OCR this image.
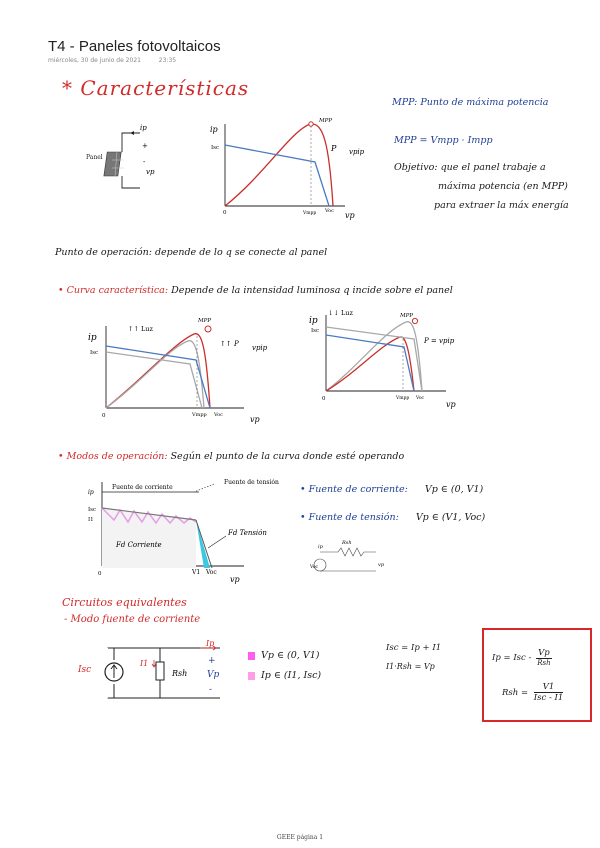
T4 - Paneles fotovoltaicos
miércoles, 30 de junio de 2021	23:35
* Características
Panel
ip
+
-
vp
ip
Isc
MPP
P vpip
0	Vmpp Voc vp
MPP: Punto de máxima potencia
MPP = Vmpp · Impp
Objetivo: que el panel trabaje a
máxima potencia (en MPP)
para extraer la máx energía
Punto de operación: depende de lo q se conecte al panel
• Curva característica: Depende de la intensidad luminosa q incide sobre el panel
ip
Isc
↑↑ Luz
MPP
↑↑ P vpip
0	Vmpp Voc	vp
ip
Isc
↓↓ Luz	MPP
P = vpip
0	Vmpp Voc
vp
• Modos de operación: Según el punto de la curva donde esté operando
ip
Fuente de corriente
Fuente de tensión
Isc
I1
Fd Corriente
Fd Tensión
0	V1 Voc
vp
• Fuente de corriente: Vp ∈ (0, V1)
• Fuente de tensión: Vp ∈ (V1, Voc)
ip
Rsh
Voc	vp
Circuitos equivalentes
- Modo fuente de corriente
Isc
I1
Rsh
Ip
+
Vp
-
Vp ∈ (0, V1)
Ip ∈ (I1, Isc)
Isc = Ip + I1
I1·Rsh = Vp
Ip = Isc - Vp
Rsh
Rsh =
V1
Isc - I1
GEEE página 1
